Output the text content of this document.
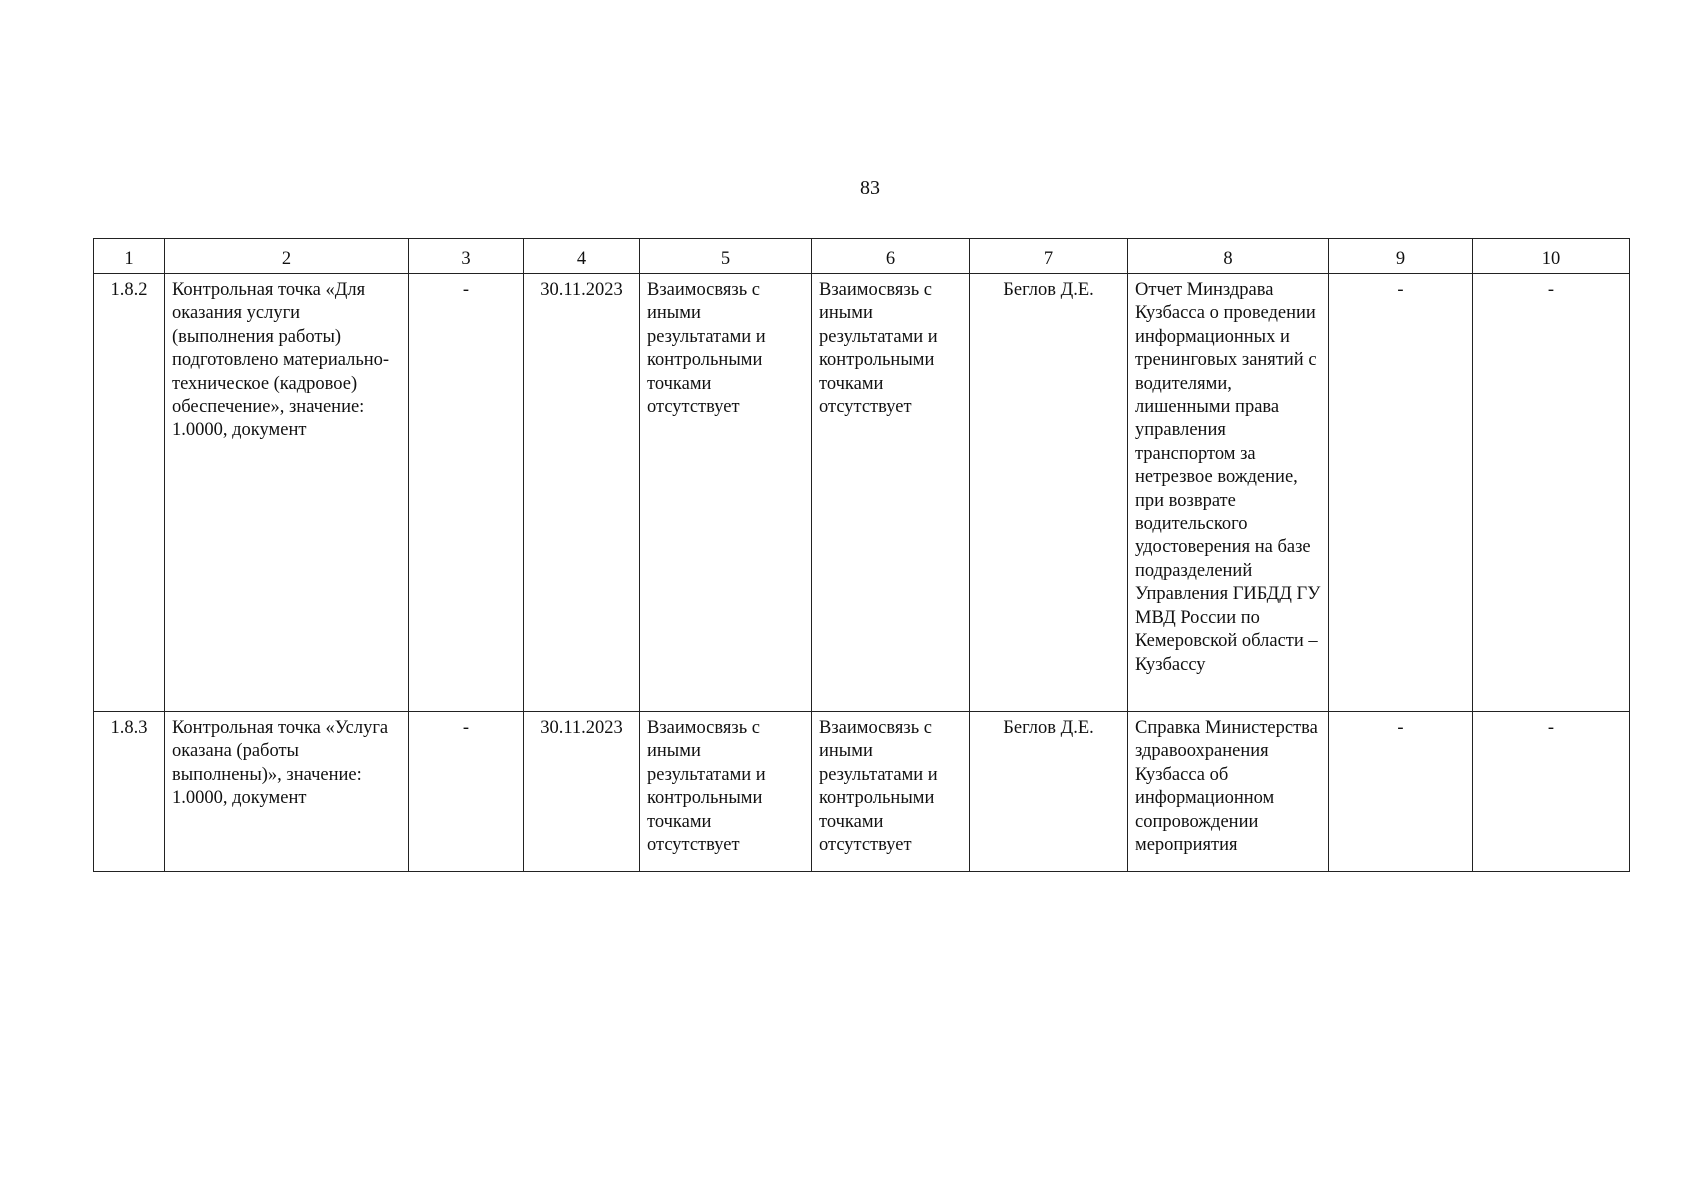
83
1	2	3	4	5	6	7	8	9	10
1.8.2	Контрольная точка «Для оказания услуги (выполнения работы) подготовлено материально-техническое (кадровое) обеспечение», значение: 1.0000, документ	-	30.11.2023	Взаимосвязь с иными результатами и контрольными точками отсутствует	Взаимосвязь с иными результатами и контрольными точками отсутствует	Беглов Д.Е.	Отчет Минздрава Кузбасса о проведении информационных и тренинговых занятий с водителями, лишенными права управления транспортом за нетрезвое вождение, при возврате водительского удостоверения на базе подразделений Управления ГИБДД ГУ МВД России по Кемеровской области – Кузбассу	-	-
1.8.3	Контрольная точка «Услуга оказана (работы выполнены)», значение: 1.0000, документ	-	30.11.2023	Взаимосвязь с иными результатами и контрольными точками отсутствует	Взаимосвязь с иными результатами и контрольными точками отсутствует	Беглов Д.Е.	Справка Министерства здравоохранения Кузбасса об информационном сопровождении мероприятия	-	-
